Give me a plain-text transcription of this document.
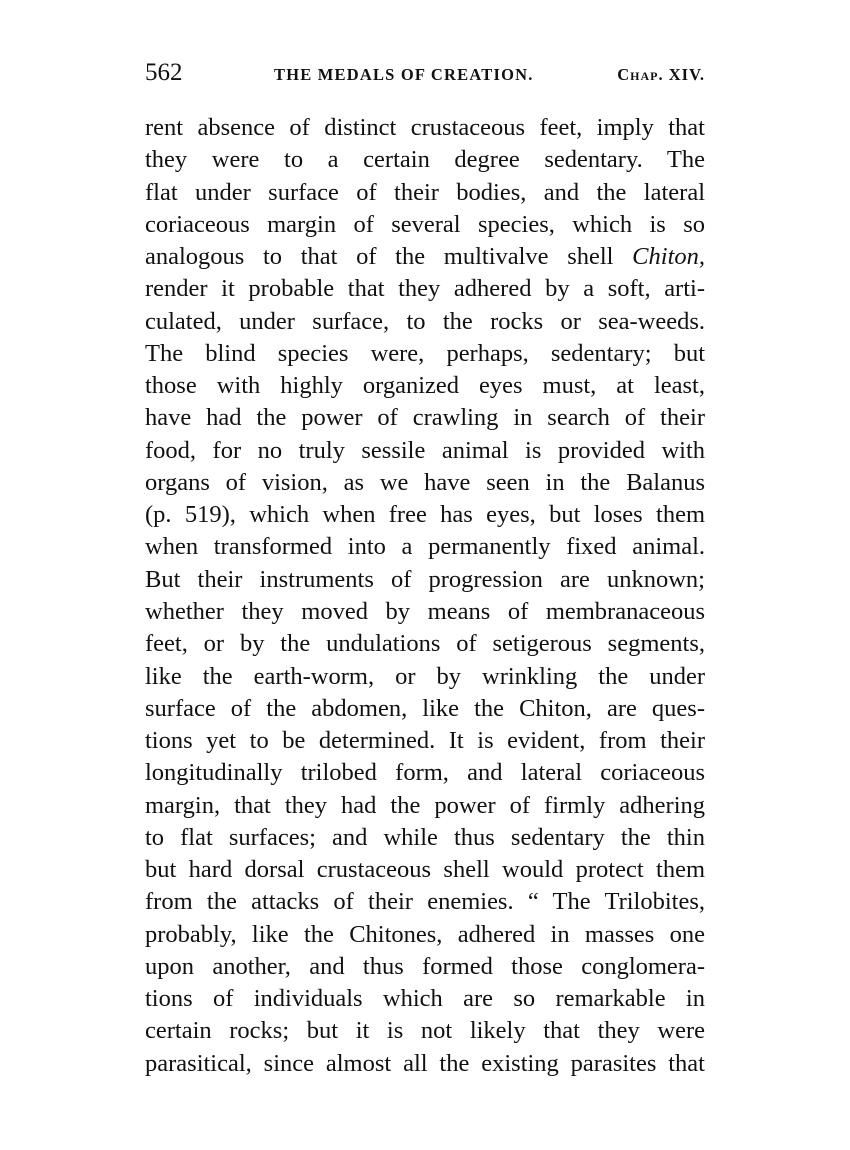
562	THE MEDALS OF CREATION.	Chap. XIV.
rent absence of distinct crustaceous feet, imply that
they were to a certain degree sedentary. The
flat under surface of their bodies, and the lateral
coriaceous margin of several species, which is so
analogous to that of the multivalve shell Chiton,
render it probable that they adhered by a soft, arti-
culated, under surface, to the rocks or sea-weeds.
The blind species were, perhaps, sedentary; but
those with highly organized eyes must, at least,
have had the power of crawling in search of their
food, for no truly sessile animal is provided with
organs of vision, as we have seen in the Balanus
(p. 519), which when free has eyes, but loses them
when transformed into a permanently fixed animal.
But their instruments of progression are unknown;
whether they moved by means of membranaceous
feet, or by the undulations of setigerous segments,
like the earth-worm, or by wrinkling the under
surface of the abdomen, like the Chiton, are ques-
tions yet to be determined. It is evident, from their
longitudinally trilobed form, and lateral coriaceous
margin, that they had the power of firmly adhering
to flat surfaces; and while thus sedentary the thin
but hard dorsal crustaceous shell would protect them
from the attacks of their enemies. “ The Trilobites,
probably, like the Chitones, adhered in masses one
upon another, and thus formed those conglomera-
tions of individuals which are so remarkable in
certain rocks; but it is not likely that they were
parasitical, since almost all the existing parasites that
